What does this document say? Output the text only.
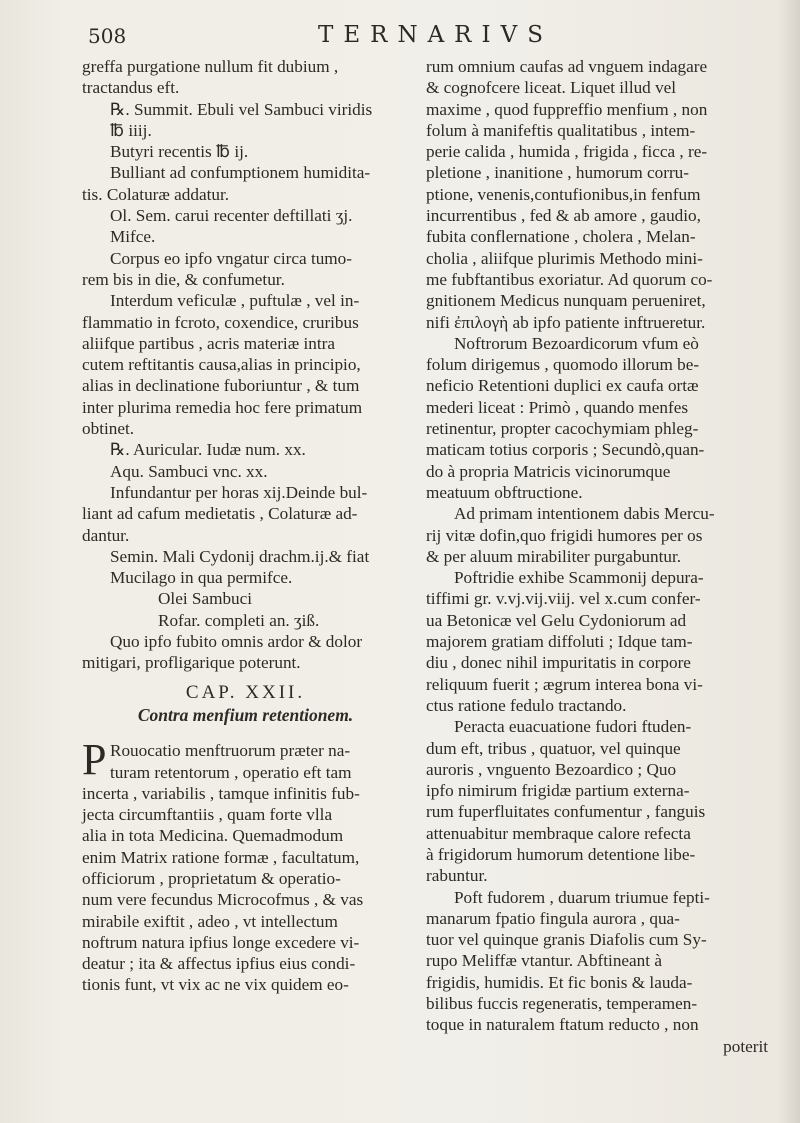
508	TERNARIVS
greffa purgatione nullum fit dubium ,
tractandus eft.
℞. Summit. Ebuli vel Sambuci viridis
℔ iiij.
Butyri recentis ℔ ij.
Bulliant ad confumptionem humidita-
tis. Colaturæ addatur.
Ol. Sem. carui recenter deftillati ʒj.
Mifce.
Corpus eo ipfo vngatur circa tumo-
rem bis in die, & confumetur.
Interdum veficulæ , puftulæ , vel in-
flammatio in fcroto, coxendice, cruribus
aliifque partibus , acris materiæ intra
cutem reftitantis causa,alias in principio,
alias in declinatione fuboriuntur , & tum
inter plurima remedia hoc fere primatum
obtinet.
℞. Auricular. Iudæ num. xx.
Aqu. Sambuci vnc. xx.
Infundantur per horas xij.Deinde bul-
liant ad cafum medietatis , Colaturæ ad-
dantur.
Semin. Mali Cydonij drachm.ij.& fiat
Mucilago in qua permifce.
Olei Sambuci
Rofar. completi an. ʒiß.
Quo ipfo fubito omnis ardor & dolor
mitigari, profligarique poterunt.
CAP. XXII.
Contra menfium retentionem.
P Rouocatio menftruorum præter na-
turam retentorum , operatio eft tam
incerta , variabilis , tamque infinitis fub-
jecta circumftantiis , quam forte vlla
alia in tota Medicina. Quemadmodum
enim Matrix ratione formæ , facultatum,
officiorum , proprietatum & operatio-
num vere fecundus Microcofmus , & vas
mirabile exiftit , adeo , vt intellectum
noftrum natura ipfius longe excedere vi-
deatur ; ita & affectus ipfius eius condi-
tionis funt, vt vix ac ne vix quidem eo-
rum omnium caufas ad vnguem indagare
& cognofcere liceat. Liquet illud vel
maxime , quod fuppreffio menfium , non
folum à manifeftis qualitatibus , intem-
perie calida , humida , frigida , ficca , re-
pletione , inanitione , humorum corru-
ptione, venenis,contufionibus,in fenfum
incurrentibus , fed & ab amore , gaudio,
fubita conflernatione , cholera , Melan-
cholia , aliifque plurimis Methodo mini-
me fubftantibus exoriatur. Ad quorum co-
gnitionem Medicus nunquam perueniret,
nifi ἐπιλογὴ ab ipfo patiente inftrueretur.
Noftrorum Bezoardicorum vfum eò
folum dirigemus , quomodo illorum be-
neficio Retentioni duplici ex caufa ortæ
mederi liceat : Primò , quando menfes
retinentur, propter cacochymiam phleg-
maticam totius corporis ; Secundò,quan-
do à propria Matricis vicinorumque
meatuum obftructione.
Ad primam intentionem dabis Mercu-
rij vitæ dofin,quo frigidi humores per os
& per aluum mirabiliter purgabuntur.
Poftridie exhibe Scammonij depura-
tiffimi gr. v.vj.vij.viij. vel x.cum confer-
ua Betonicæ vel Gelu Cydoniorum ad
majorem gratiam diffoluti ; Idque tam-
diu , donec nihil impuritatis in corpore
reliquum fuerit ; ægrum interea bona vi-
ctus ratione fedulo tractando.
Peracta euacuatione fudori ftuden-
dum eft, tribus , quatuor, vel quinque
auroris , vnguento Bezoardico ; Quo
ipfo nimirum frigidæ partium externa-
rum fuperfluitates confumentur , fanguis
attenuabitur membraque calore refecta
à frigidorum humorum detentione libe-
rabuntur.
Poft fudorem , duarum triumue fepti-
manarum fpatio fingula aurora , qua-
tuor vel quinque granis Diafolis cum Sy-
rupo Meliffæ vtantur. Abftineant à
frigidis, humidis. Et fic bonis & lauda-
bilibus fuccis regeneratis, temperamen-
toque in naturalem ftatum reducto , non
poterit
